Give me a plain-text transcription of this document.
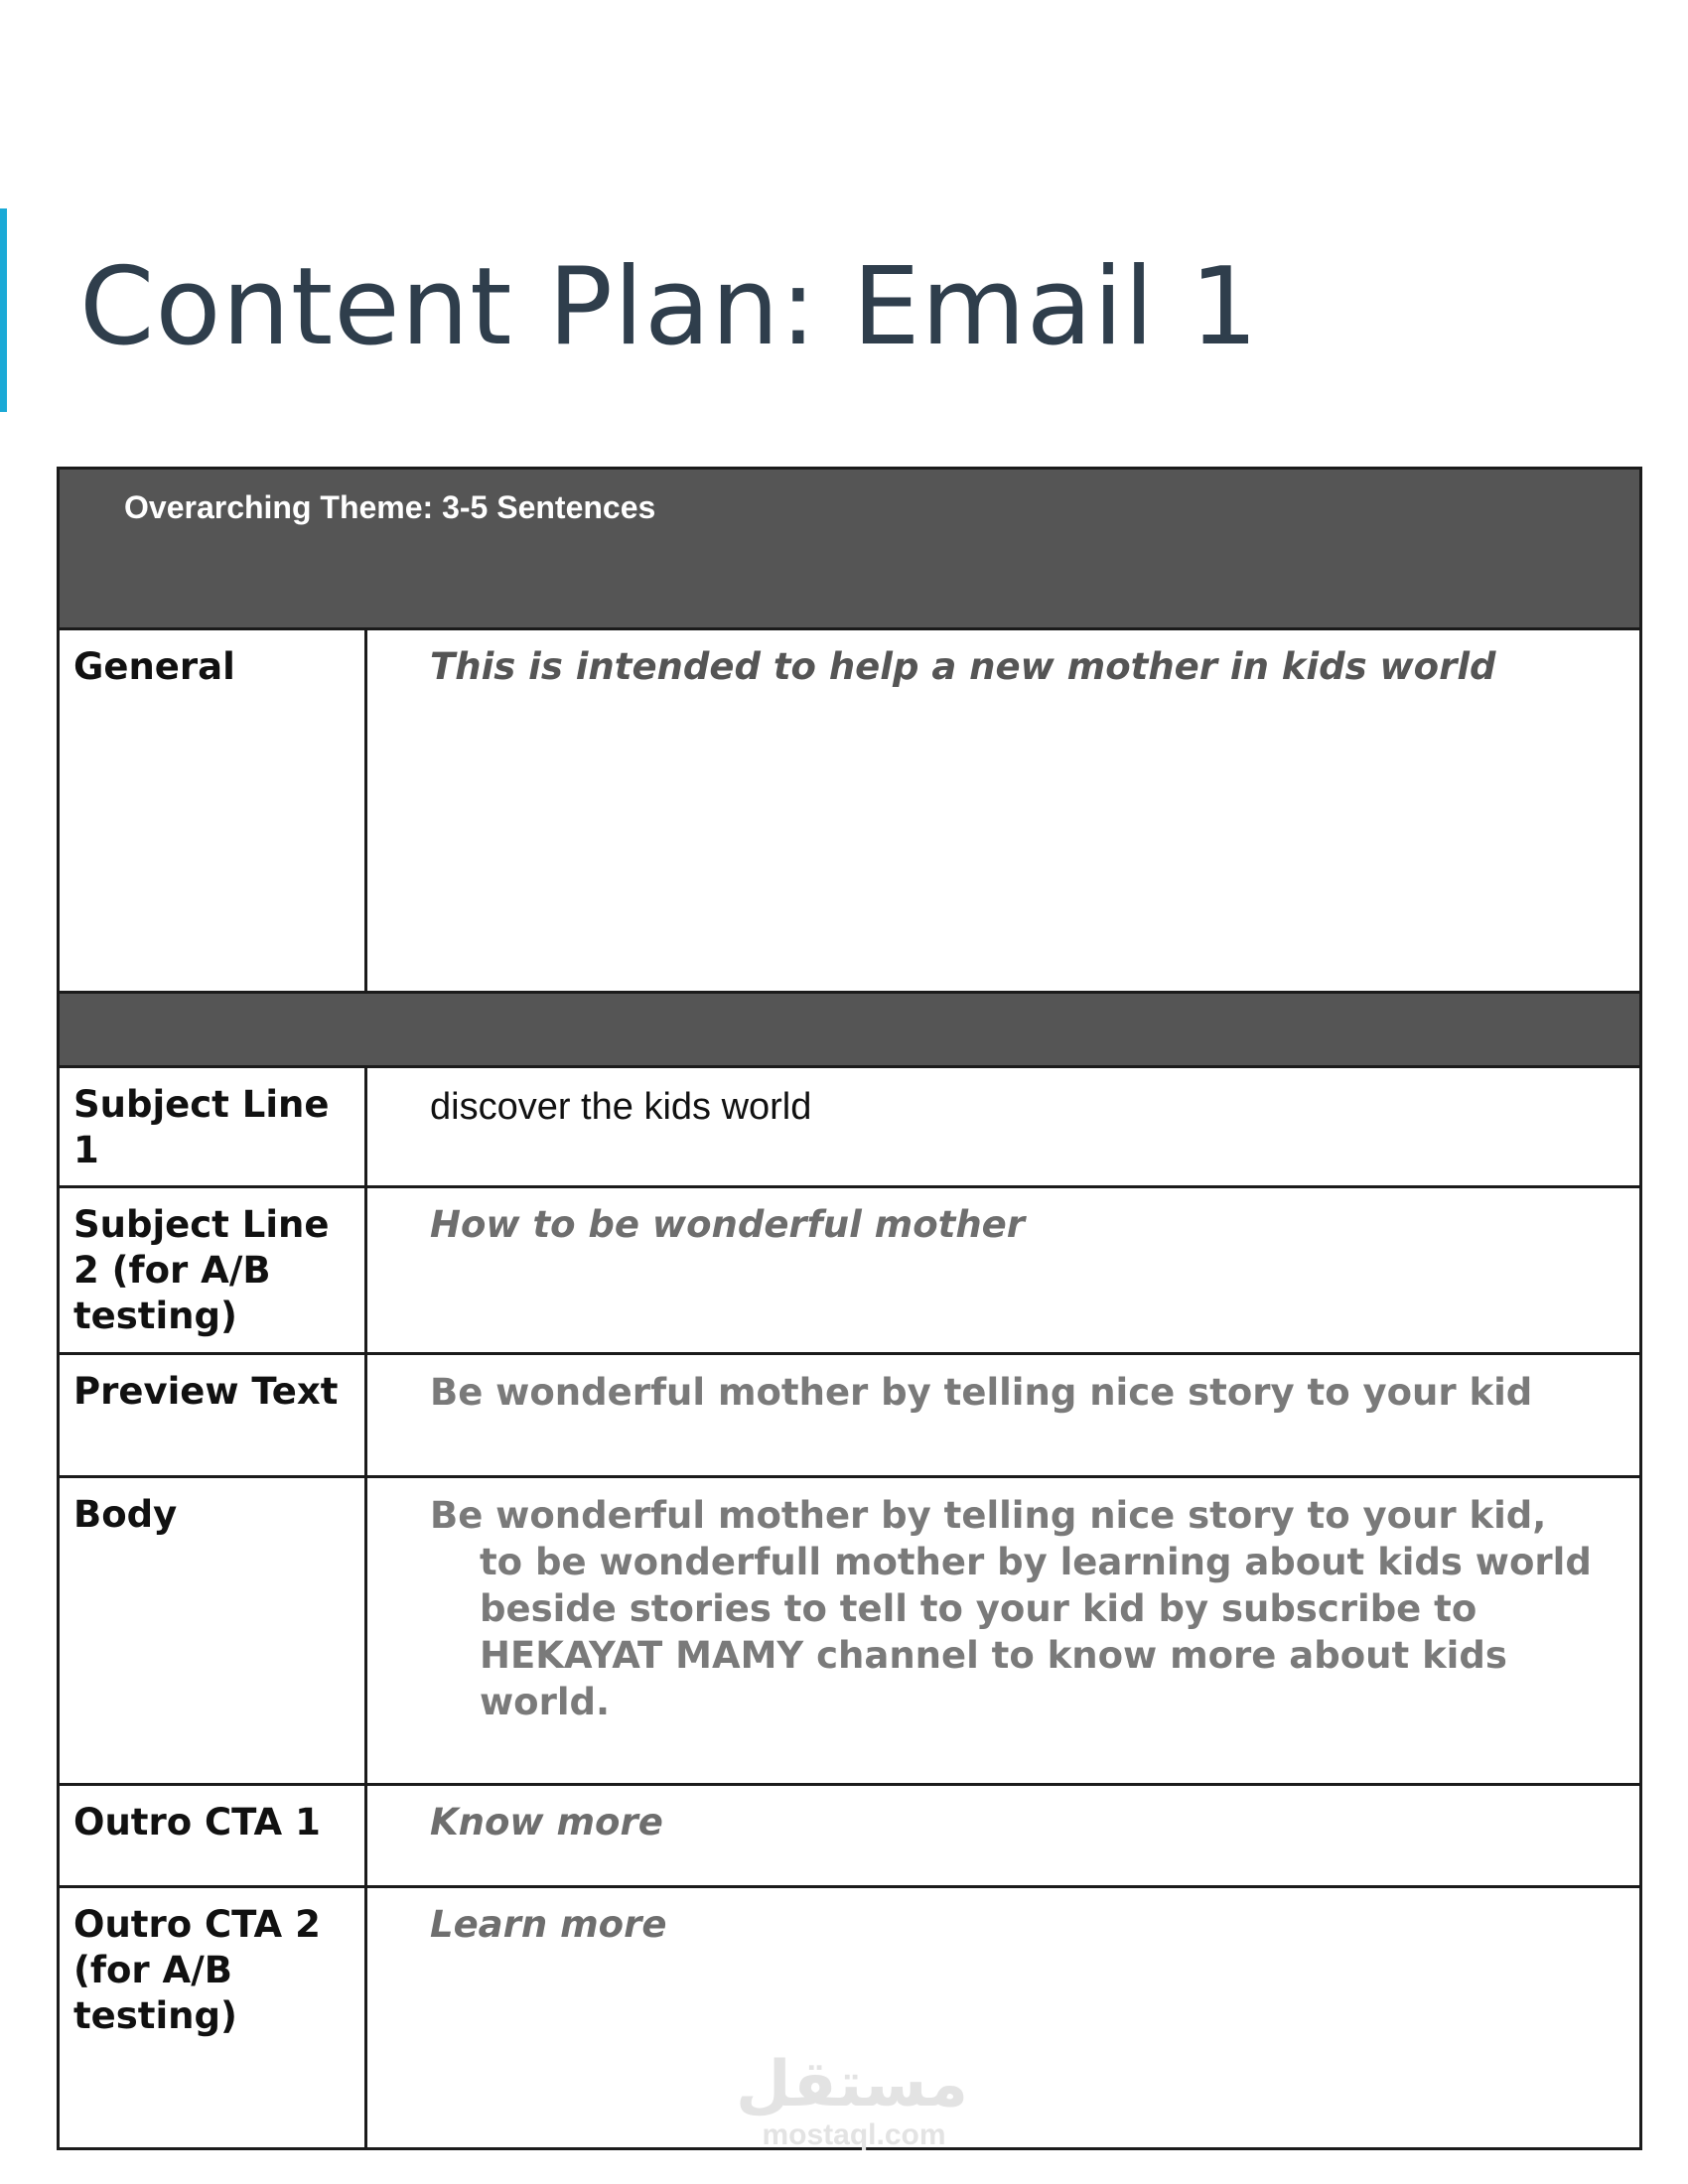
Content Plan: Email 1
Overarching Theme: 3-5 Sentences	

General	This is intended to help a new mother in kids world

Subject Line 1	discover the kids world
Subject Line 2 (for A/B testing)	How to be wonderful mother
Preview Text	Be wonderful mother by telling nice story to your kid
Body	Be wonderful mother by telling nice story to your kid, to be wonderfull mother by learning about kids world beside stories to tell to your kid by subscribe to HEKAYAT MAMY channel to know more about kids world.

Outro CTA 1	Know more
Outro CTA 2 (for A/B testing)	Learn more
مستقل
mostaql.com
